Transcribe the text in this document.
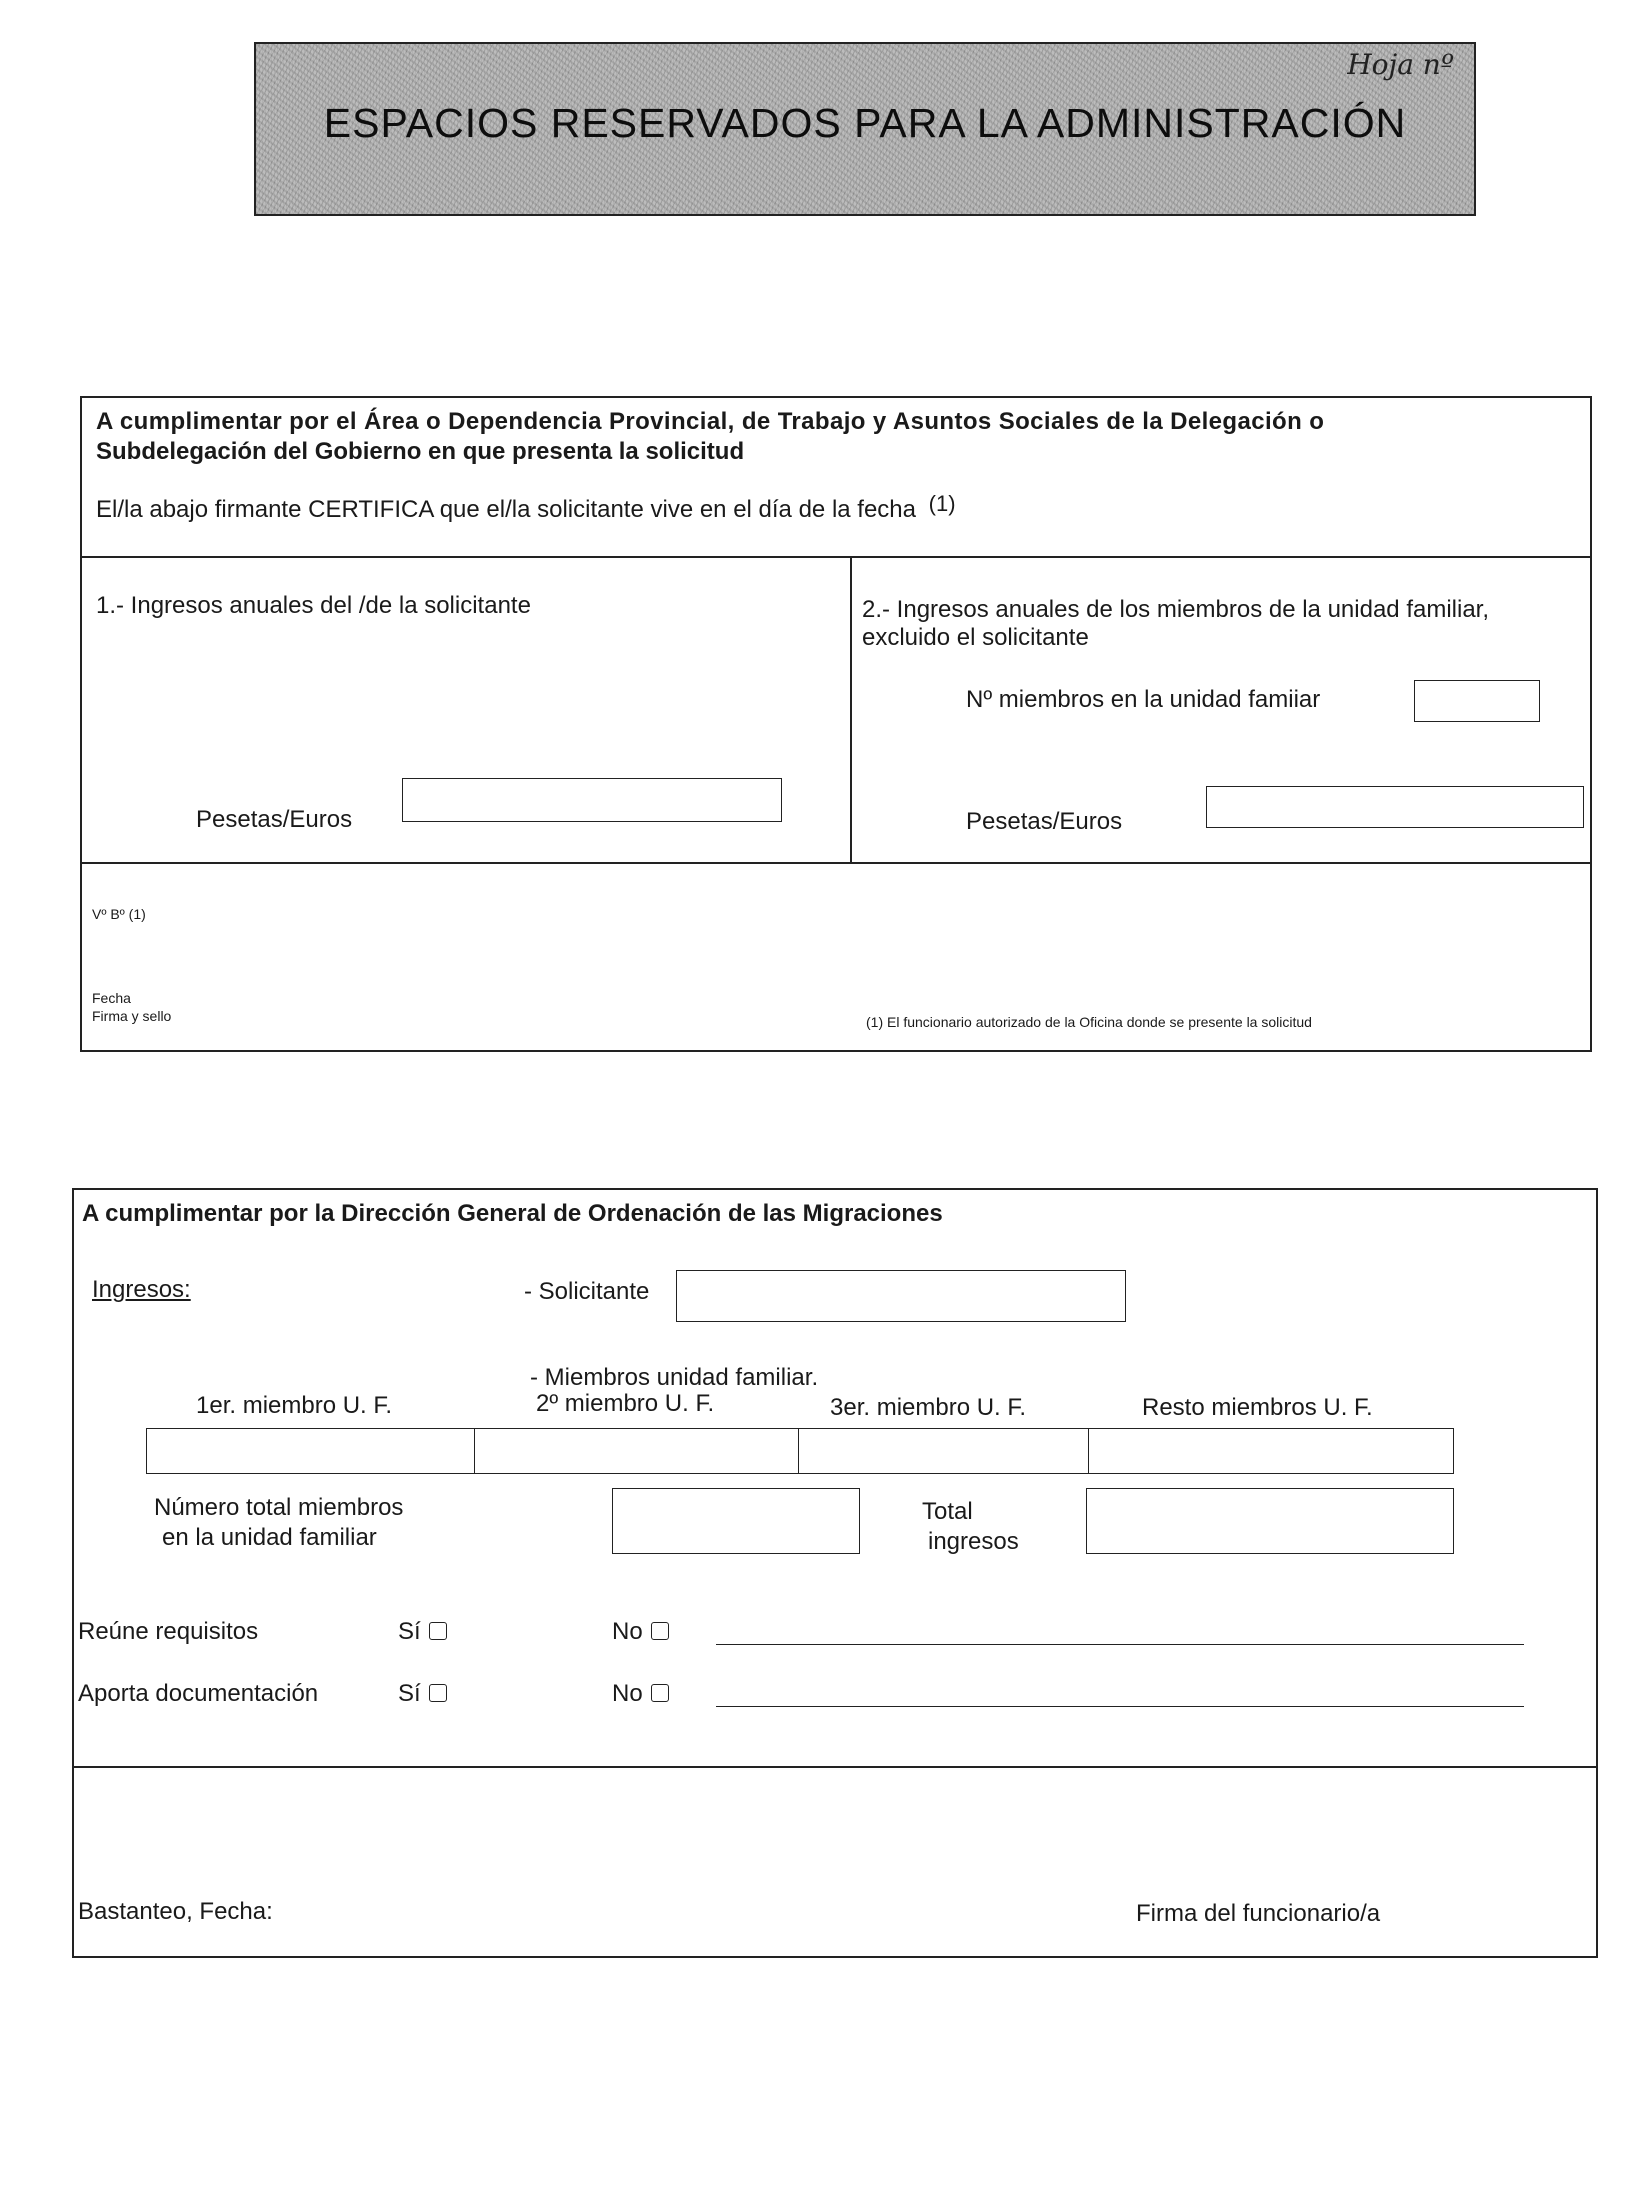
Hoja nº
ESPACIOS RESERVADOS PARA LA ADMINISTRACIÓN
A cumplimentar por el Área o Dependencia Provincial, de Trabajo y Asuntos Sociales de la Delegación o
Subdelegación del Gobierno en que presenta la solicitud
El/la abajo firmante CERTIFICA que el/la solicitante vive en el día de la fecha (1)
1.- Ingresos anuales del /de la solicitante
Pesetas/Euros
2.- Ingresos anuales de los miembros de la unidad familiar,
excluido el solicitante
Nº miembros en la unidad famiiar
Pesetas/Euros
Vº Bº (1)
Fecha
Firma y sello	(1) El funcionario autorizado de la Oficina donde se presente la solicitud
A cumplimentar por la Dirección General de Ordenación de las Migraciones
Ingresos:	- Solicitante
- Miembros unidad familiar.
1er. miembro U. F.	2º miembro U. F.	3er. miembro U. F.	Resto miembros U. F.
Número total miembros
en la unidad familiar
Total
ingresos
Reúne requisitos	Sí	No
Aporta documentación	Sí	No
Bastanteo, Fecha:	Firma del funcionario/a
